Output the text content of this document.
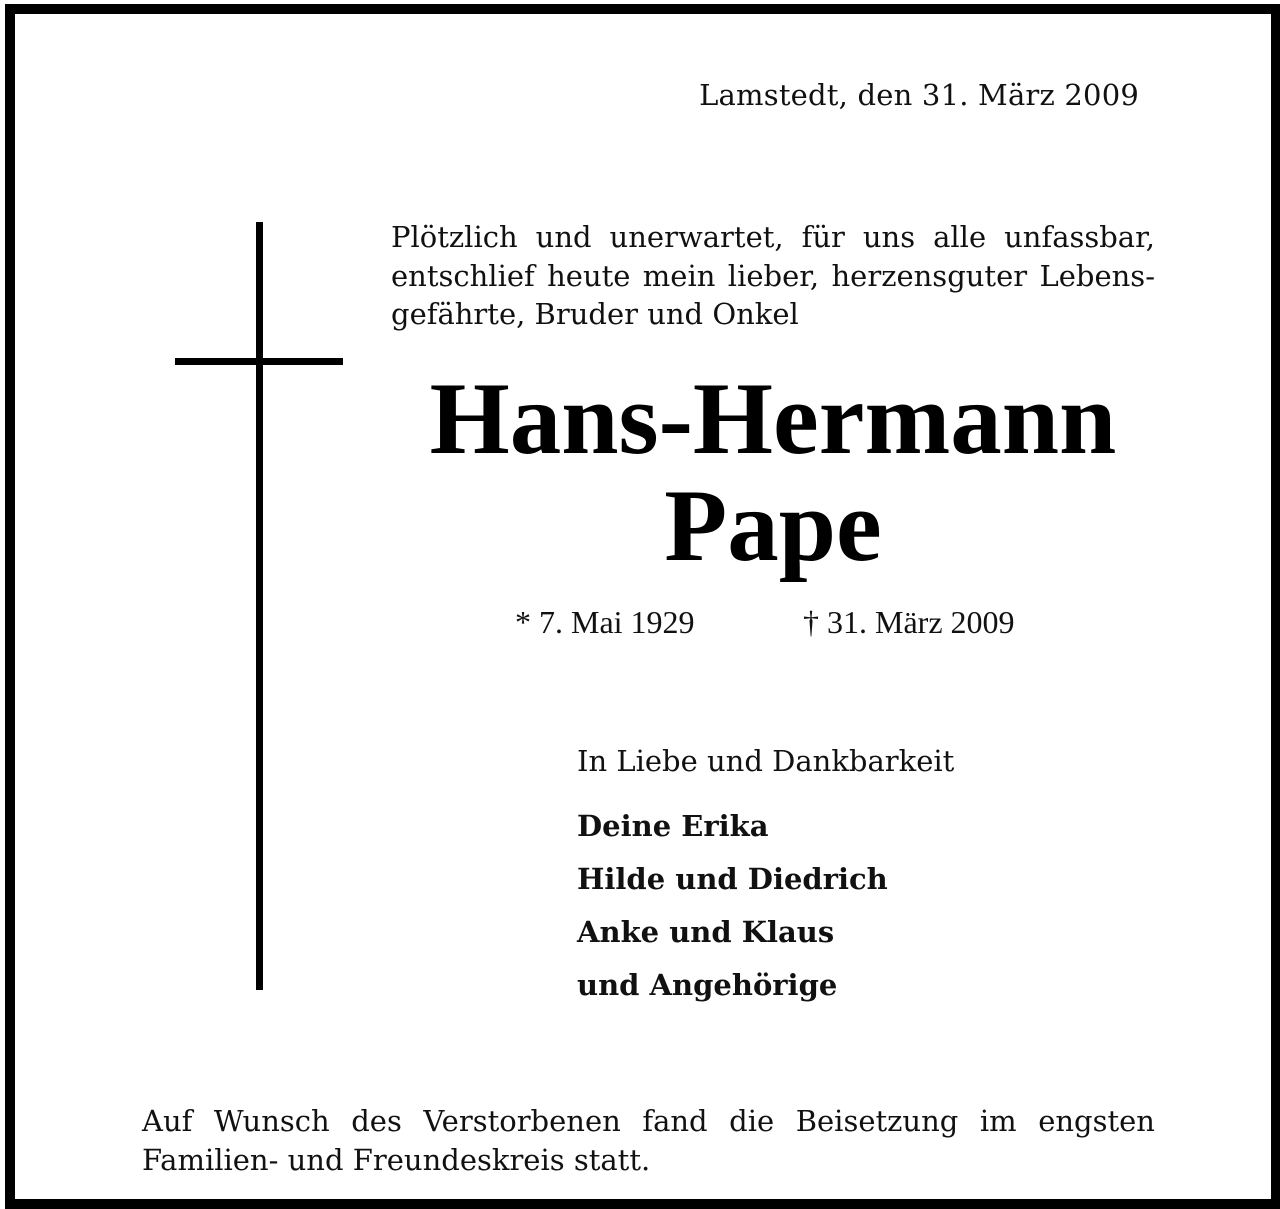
Lamstedt, den 31. März 2009
Plötzlich und unerwartet, für uns alle unfassbar,
entschlief heute mein lieber, herzensguter Lebens-
gefährte, Bruder und Onkel
Hans-Hermann
Pape
* 7. Mai 1929	† 31. März 2009
In Liebe und Dankbarkeit
Deine Erika
Hilde und Diedrich
Anke und Klaus
und Angehörige
Auf Wunsch des Verstorbenen fand die Beisetzung im engsten
Familien- und Freundeskreis statt.
